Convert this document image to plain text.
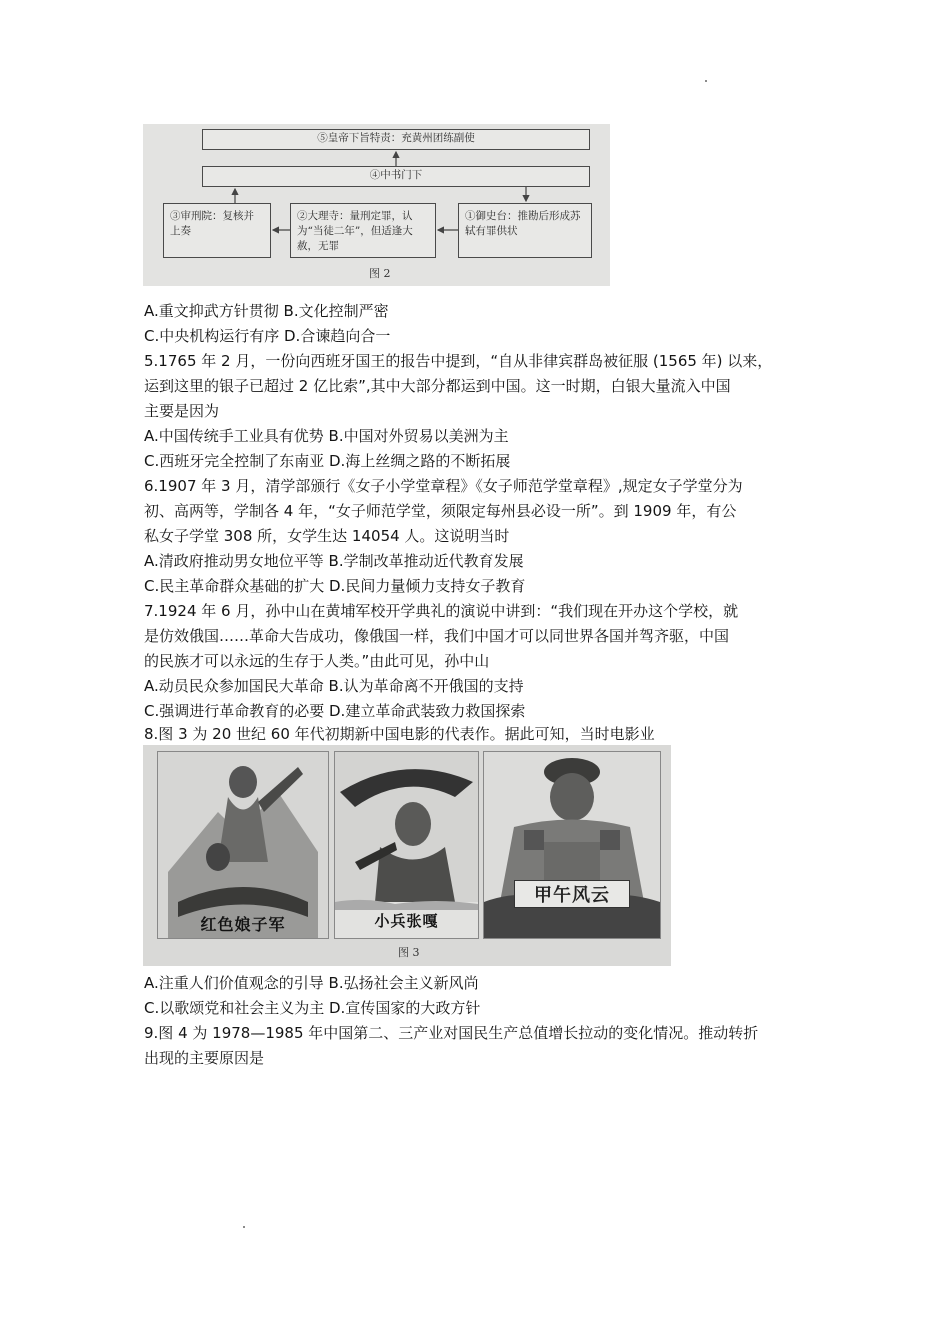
⑤皇帝下旨特责：充黄州团练副使
④中书门下
③审刑院：复核并上奏
②大理寺：量刑定罪，认为“当徒二年”，但适逢大赦，无罪
①御史台：推勘后形成苏轼有罪供状
图 2
A.重文抑武方针贯彻 B.文化控制严密
C.中央机构运行有序 D.合谏趋向合一
5.1765 年 2 月，一份向西班牙国王的报告中提到，“自从非律宾群岛被征服 (1565 年) 以来，
运到这里的银子已超过 2 亿比索”,其中大部分都运到中国。这一时期，白银大量流入中国
主要是因为
A.中国传统手工业具有优势 B.中国对外贸易以美洲为主
C.西班牙完全控制了东南亚 D.海上丝绸之路的不断拓展
6.1907 年 3 月，清学部颁行《女子小学堂章程》《女子师范学堂章程》,规定女子学堂分为
初、高两等，学制各 4 年，“女子师范学堂，须限定每州县必设一所”。到 1909 年，有公
私女子学堂 308 所，女学生达 14054 人。这说明当时
A.清政府推动男女地位平等 B.学制改革推动近代教育发展
C.民主革命群众基础的扩大 D.民间力量倾力支持女子教育
7.1924 年 6 月，孙中山在黄埔军校开学典礼的演说中讲到：“我们现在开办这个学校，就
是仿效俄国……革命大告成功，像俄国一样，我们中国才可以同世界各国并驾齐驱，中国
的民族才可以永远的生存于人类。”由此可见，孙中山
A.动员民众参加国民大革命 B.认为革命离不开俄国的支持
C.强调进行革命教育的必要 D.建立革命武装致力救国探索
8.图 3 为 20 世纪 60 年代初期新中国电影的代表作。据此可知，当时电影业
红色娘子军	小兵张嘎
甲午风云
图 3
A.注重人们价值观念的引导 B.弘扬社会主义新风尚
C.以歌颂党和社会主义为主 D.宣传国家的大政方针
9.图 4 为 1978—1985 年中国第二、三产业对国民生产总值增长拉动的变化情况。推动转折
出现的主要原因是
